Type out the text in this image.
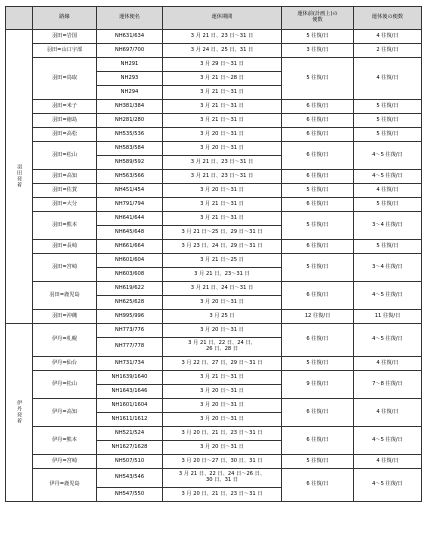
	路線	運休便名	運休期間	運休前(計画上)の
便数	運休後の便数
羽田発着	羽田=岩国	NH631/634	3 月 21 日、23 日～31 日	5 往復/日	4 往復/日
	羽田=山口宇部	NH697/700	3 月 24 日、25 日、31 日	3 往復/日	2 往復/日
	羽田=鳥取	NH291	3 月 29 日～31 日	5 往復/日	4 往復/日
		NH293	3 月 21 日～28 日		
		NH294	3 月 21 日～31 日		
	羽田=米子	NH381/384	3 月 21 日～31 日	6 往復/日	5 往復/日
	羽田=徳島	NH281/280	3 月 21 日～31 日	6 往復/日	5 往復/日
	羽田=高松	NH535/536	3 月 20 日～31 日	6 往復/日	5 往復/日
	羽田=松山	NH583/584	3 月 20 日～31 日	6 往復/日	4～5 往復/日
		NH589/592	3 月 21 日、23 日～31 日		
	羽田=高知	NH563/566	3 月 21 日、23 日～31 日	6 往復/日	4～5 往復/日
	羽田=佐賀	NH451/454	3 月 20 日～31 日	5 往復/日	4 往復/日
	羽田=大分	NH791/794	3 月 21 日～31 日	6 往復/日	5 往復/日
	羽田=熊本	NH641/644	3 月 21 日～31 日	5 往復/日	3～4 往復/日
		NH645/648	3 月 21 日～25 日、29 日～31 日		
	羽田=長崎	NH661/664	3 月 23 日、24 日、29 日～31 日	6 往復/日	5 往復/日
	羽田=宮崎	NH601/604	3 月 21 日～25 日	5 往復/日	3～4 往復/日
		NH603/608	3 月 21 日、23～31 日		
	羽田=鹿児島	NH619/622	3 月 21 日、24 日～31 日	6 往復/日	4～5 往復/日
		NH625/628	3 月 20 日～31 日		
	羽田=沖縄	NH995/996	3 月 25 日	12 往復/日	11 往復/日
伊丹発着	伊丹=札幌	NH773/776	3 月 20 日～31 日	6 往復/日	4～5 往復/日
		NH777/778	3 月 21 日、22 日、24 日、
26 日、28 日		
	伊丹=仙台	NH731/734	3 月 22 日、27 日、29 日～31 日	5 往復/日	4 往復/日
	伊丹=松山	NH1639/1640	3 月 21 日～31 日	9 往復/日	7～8 往復/日
		NH1643/1646	3 月 20 日～31 日		
	伊丹=高知	NH1601/1604	3 月 20 日～31 日	6 往復/日	4 往復/日
		NH1611/1612	3 月 20 日～31 日		
	伊丹=熊本	NH521/524	3 月 20 日、21 日、23 日～31 日	6 往復/日	4～5 往復/日
		NH1627/1628	3 月 20 日～31 日		
	伊丹=宮崎	NH507/510	3 月 20 日～27 日、30 日、31 日	5 往復/日	4 往復/日
	伊丹=鹿児島	NH543/546	3 月 21 日、22 日、24 日～26 日、
30 日、31 日	6 往復/日	4～5 往復/日
		NH547/550	3 月 20 日、21 日、23 日～31 日		
